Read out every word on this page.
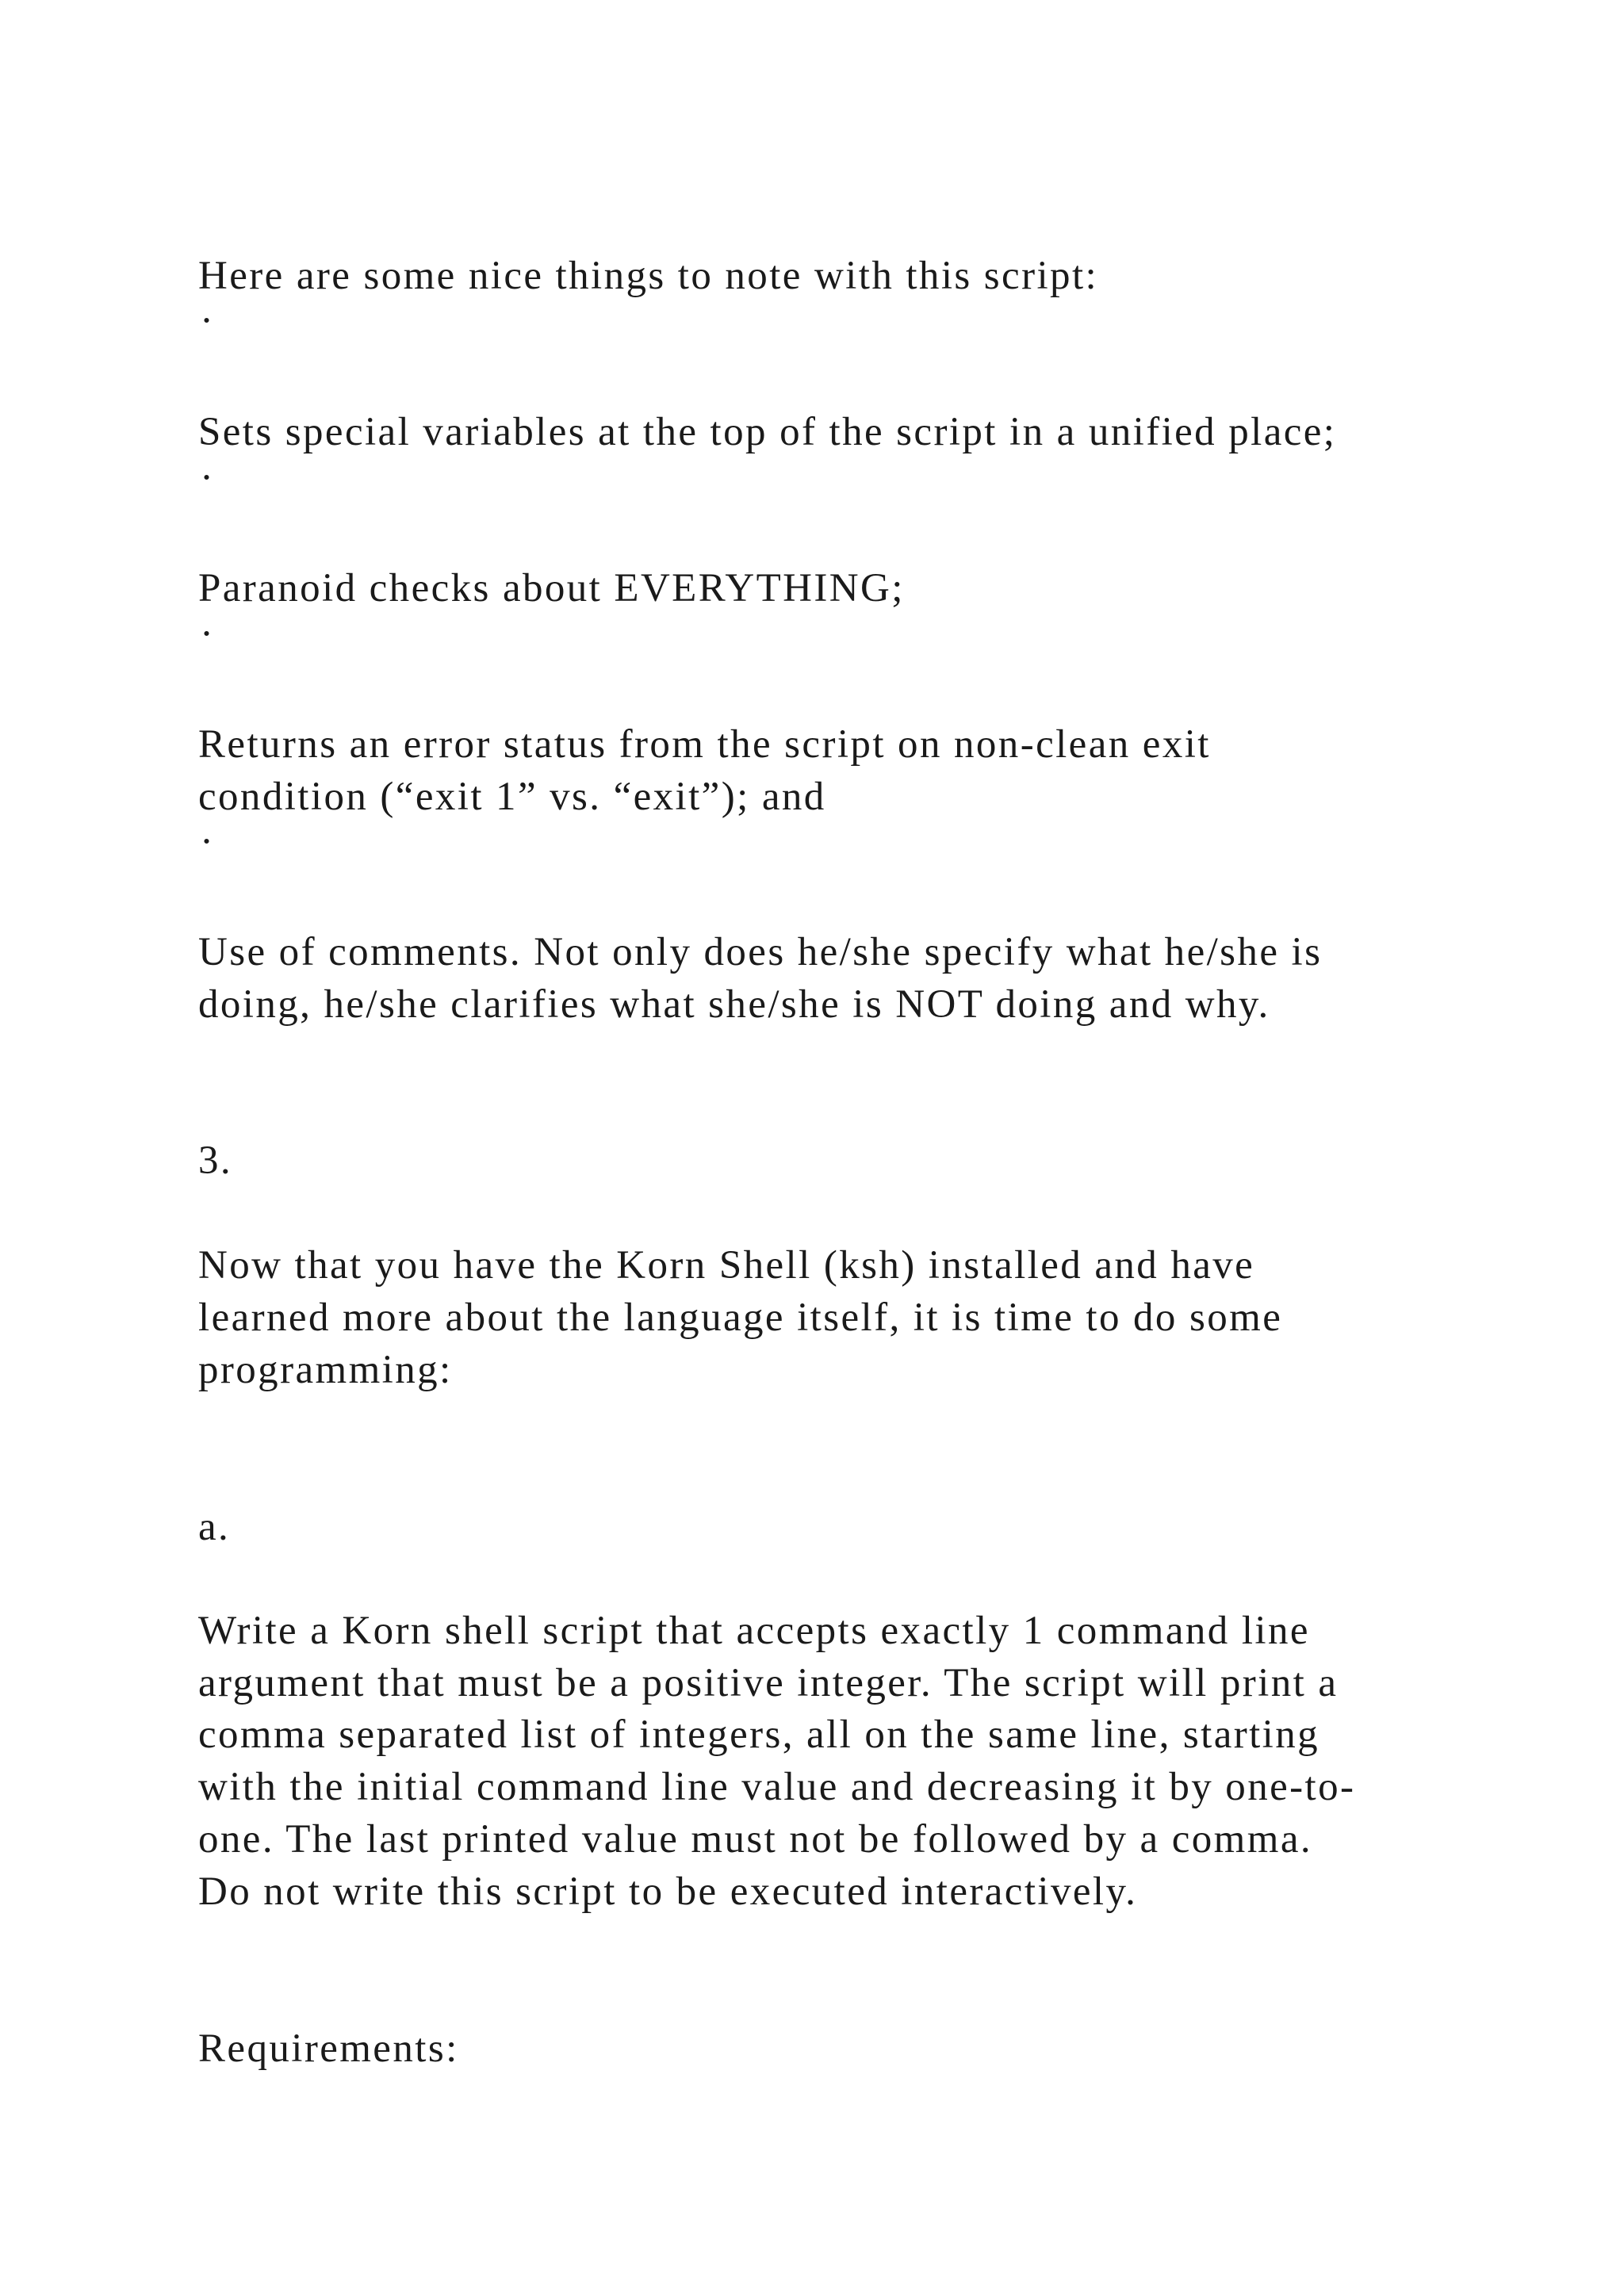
Here are some nice things to note with this script:

·

Sets special variables at the top of the script in a unified place;

·

Paranoid checks about EVERYTHING;

·

Returns an error status from the script on non-clean exit

condition (“exit 1” vs. “exit”); and

·

Use of comments. Not only does he/she specify what he/she is

doing, he/she clarifies what she/she is NOT doing and why.

3.

Now that you have the Korn Shell (ksh) installed and have

learned more about the language itself, it is time to do some

programming:

a.

Write a Korn shell script that accepts exactly 1 command line

argument that must be a positive integer. The script will print a

comma separated list of integers, all on the same line, starting

with the initial command line value and decreasing it by one-to-

one. The last printed value must not be followed by a comma.

Do not write this script to be executed interactively.

Requirements:
